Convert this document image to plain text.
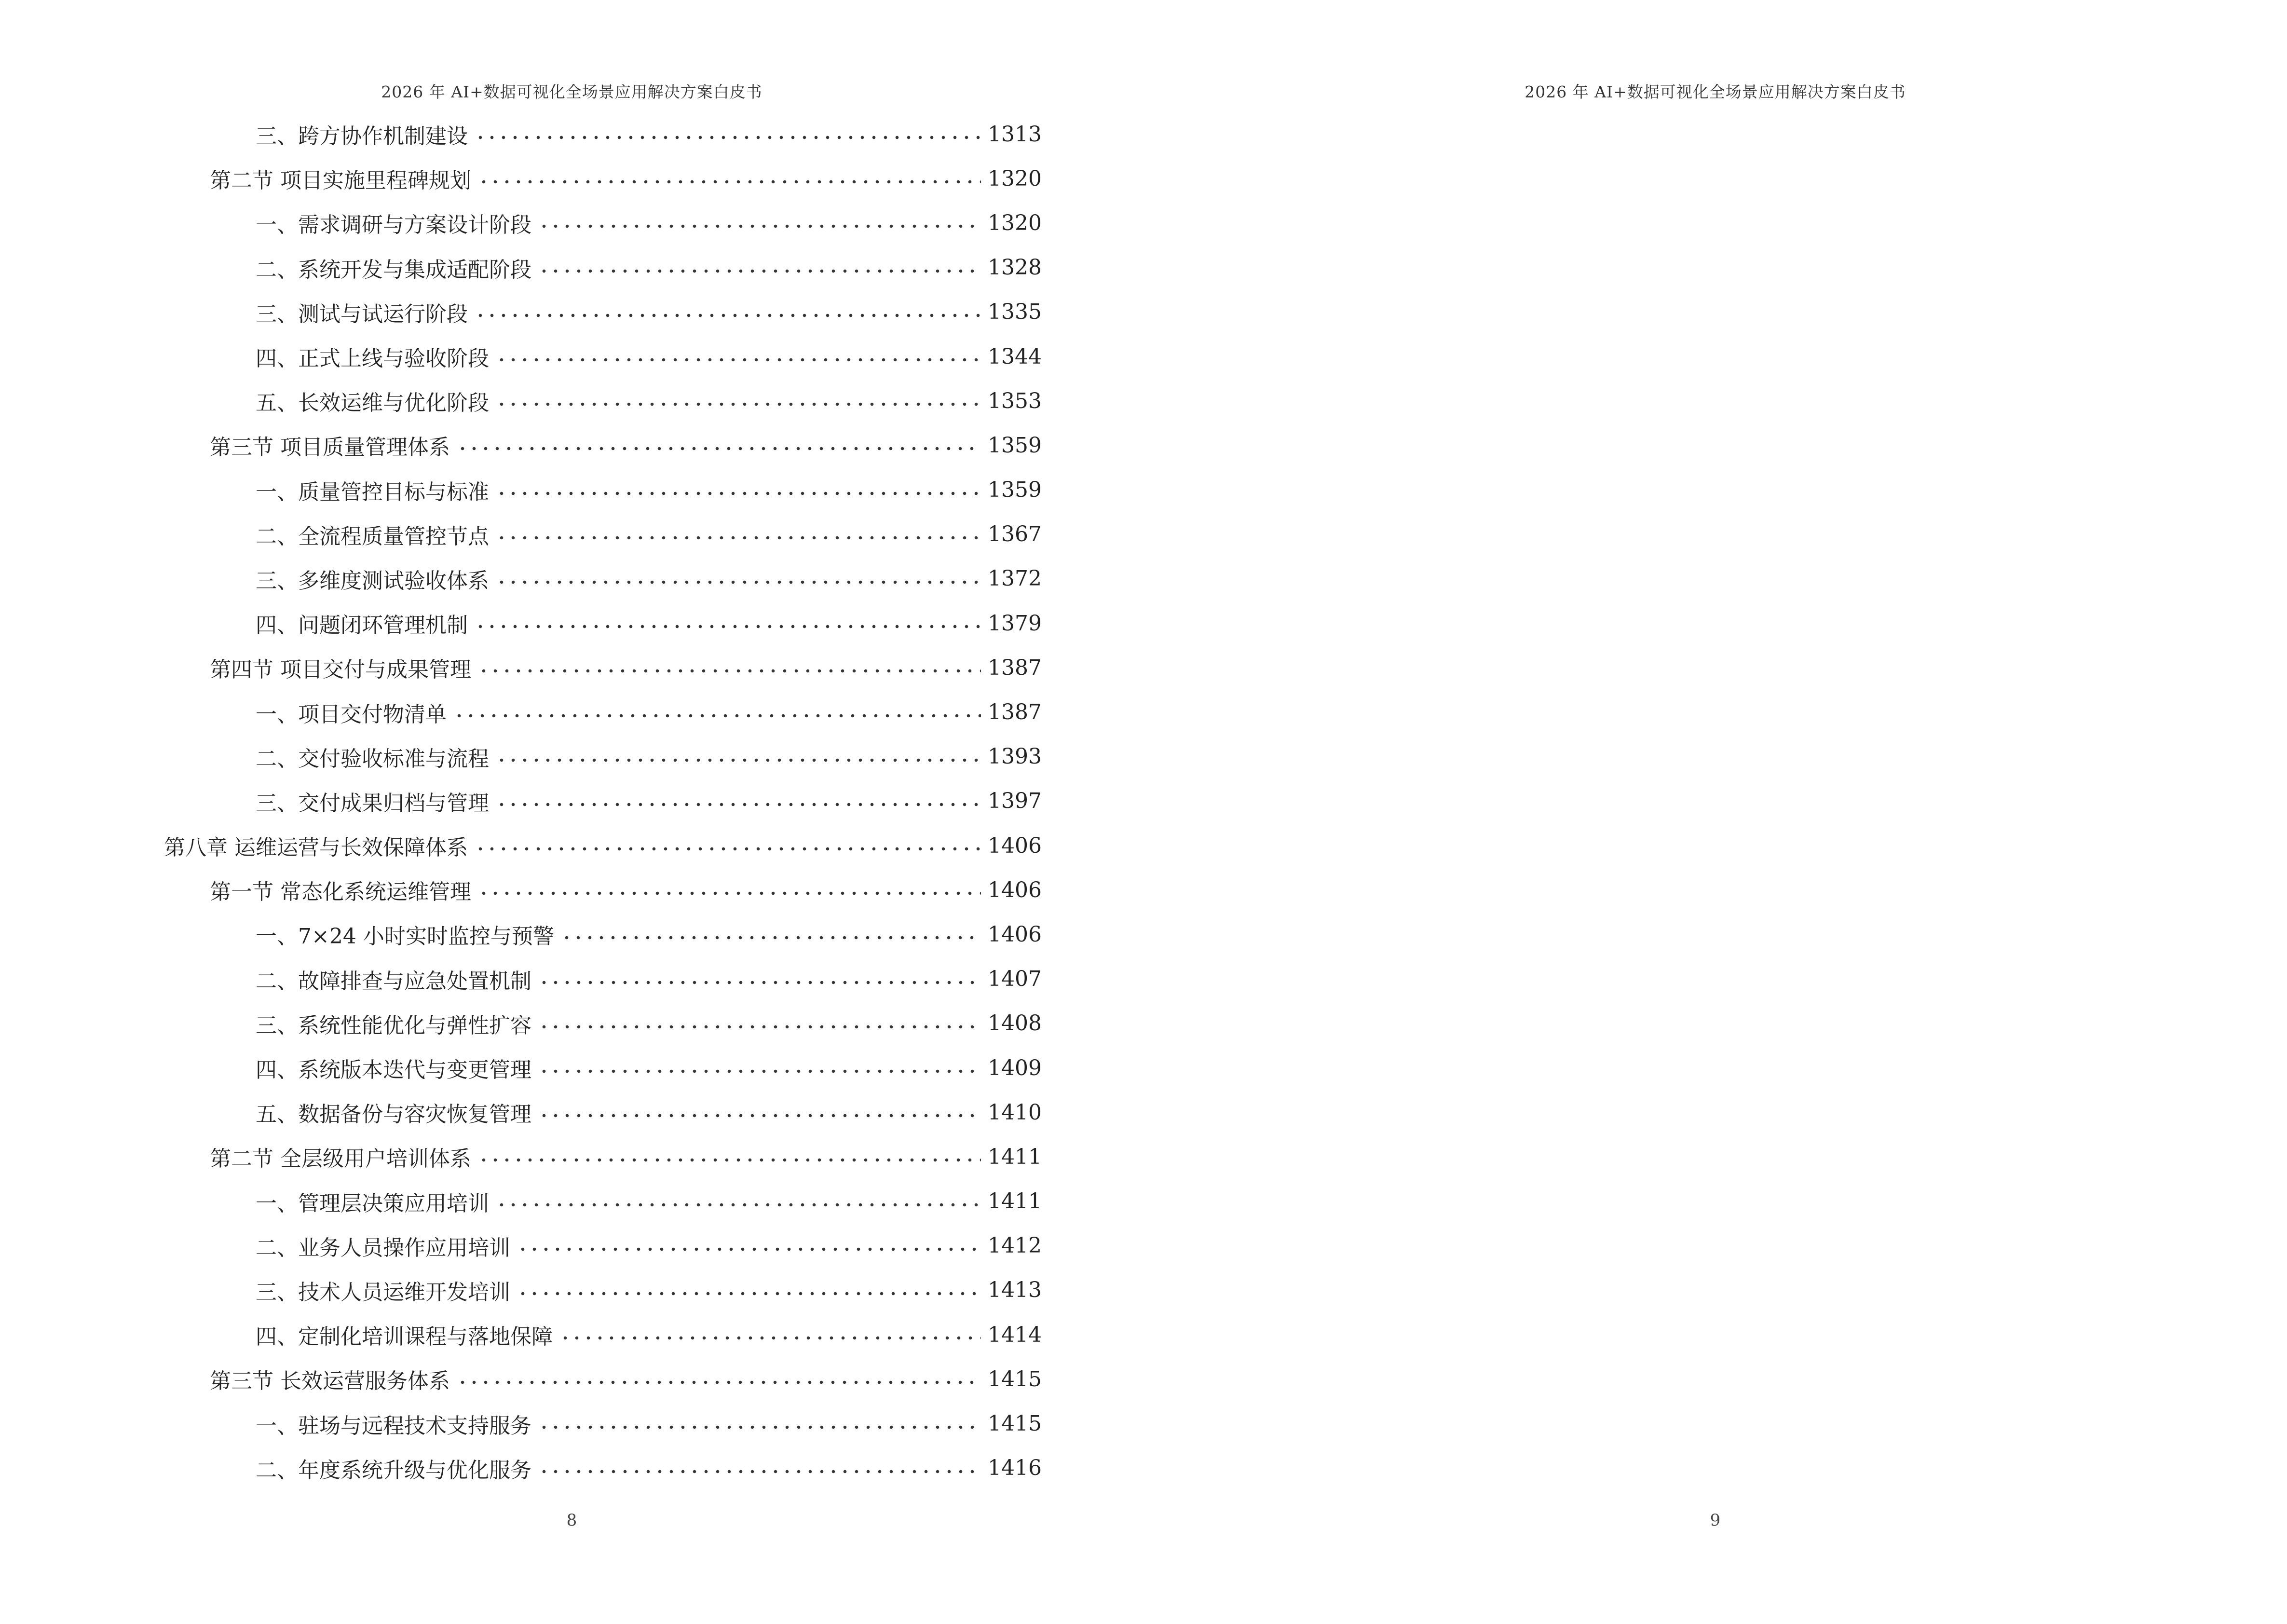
2026 年 AI+数据可视化全场景应用解决方案白皮书
三、跨方协作机制建设	1313
第二节 项目实施里程碑规划	1320
一、需求调研与方案设计阶段	1320
二、系统开发与集成适配阶段	1328
三、测试与试运行阶段	1335
四、正式上线与验收阶段	1344
五、长效运维与优化阶段	1353
第三节 项目质量管理体系	1359
一、质量管控目标与标准	1359
二、全流程质量管控节点	1367
三、多维度测试验收体系	1372
四、问题闭环管理机制	1379
第四节 项目交付与成果管理	1387
一、项目交付物清单	1387
二、交付验收标准与流程	1393
三、交付成果归档与管理	1397
第八章 运维运营与长效保障体系	1406
第一节 常态化系统运维管理	1406
一、7×24 小时实时监控与预警	1406
二、故障排查与应急处置机制	1407
三、系统性能优化与弹性扩容	1408
四、系统版本迭代与变更管理	1409
五、数据备份与容灾恢复管理	1410
第二节 全层级用户培训体系	1411
一、管理层决策应用培训	1411
二、业务人员操作应用培训	1412
三、技术人员运维开发培训	1413
四、定制化培训课程与落地保障	1414
第三节 长效运营服务体系	1415
一、驻场与远程技术支持服务	1415
二、年度系统升级与优化服务	1416
8
2026 年 AI+数据可视化全场景应用解决方案白皮书
9
